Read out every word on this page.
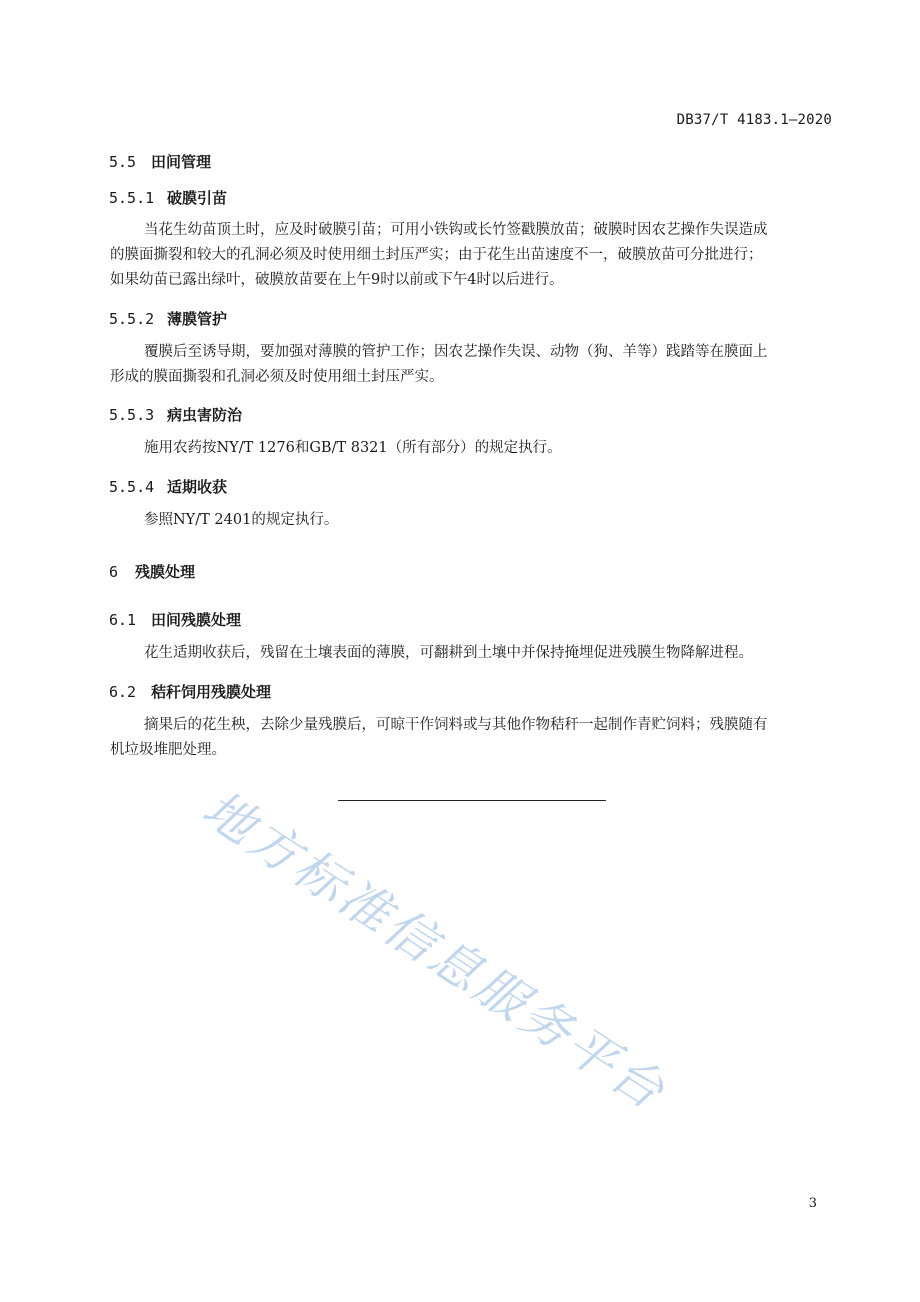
DB37/T 4183.1—2020
5.5 田间管理
5.5.1 破膜引苗
当花生幼苗顶土时，应及时破膜引苗；可用小铁钩或长竹签戳膜放苗；破膜时因农艺操作失误造成
的膜面撕裂和较大的孔洞必须及时使用细土封压严实；由于花生出苗速度不一，破膜放苗可分批进行；
如果幼苗已露出绿叶，破膜放苗要在上午9时以前或下午4时以后进行。
5.5.2 薄膜管护
覆膜后至诱导期，要加强对薄膜的管护工作；因农艺操作失误、动物（狗、羊等）践踏等在膜面上
形成的膜面撕裂和孔洞必须及时使用细土封压严实。
5.5.3 病虫害防治
施用农药按NY/T 1276和GB/T 8321（所有部分）的规定执行。
5.5.4 适期收获
参照NY/T 2401的规定执行。
6 残膜处理
6.1 田间残膜处理
花生适期收获后，残留在土壤表面的薄膜，可翻耕到土壤中并保持掩埋促进残膜生物降解进程。
6.2 秸秆饲用残膜处理
摘果后的花生秧，去除少量残膜后，可晾干作饲料或与其他作物秸秆一起制作青贮饲料；残膜随有
机垃圾堆肥处理。
地方标准信息服务平台
3
